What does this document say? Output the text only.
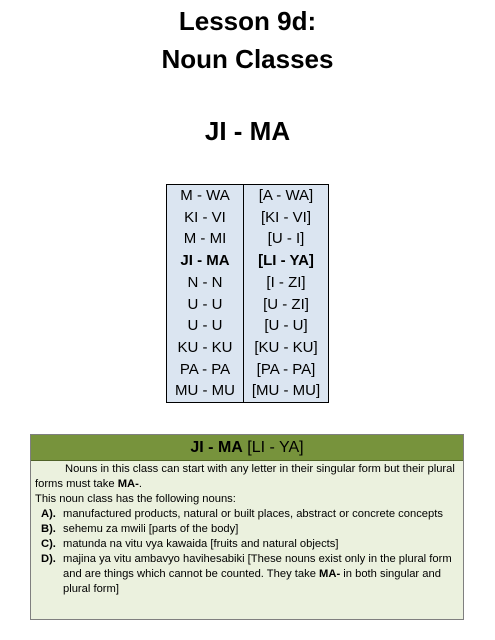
Lesson 9d:
Noun Classes
JI - MA
M - WA	[A - WA]
KI - VI	[KI - VI]
M - MI	[U - I]
JI - MA	[LI - YA]
N - N	[I - ZI]
U - U	[U - ZI]
U - U	[U - U]
KU - KU	[KU - KU]
PA - PA	[PA - PA]
MU - MU	[MU - MU]
JI - MA [LI - YA]

Nouns in this class can start with any letter in their singular form but their plural forms must take MA-.

This noun class has the following nouns:

A). manufactured products, natural or built places, abstract or concrete concepts
B). sehemu za mwili [parts of the body]
C). matunda na vitu vya kawaida [fruits and natural objects]
D). majina ya vitu ambavyo havihesabiki [These nouns exist only in the plural form and are things which cannot be counted. They take MA- in both singular and plural form]
